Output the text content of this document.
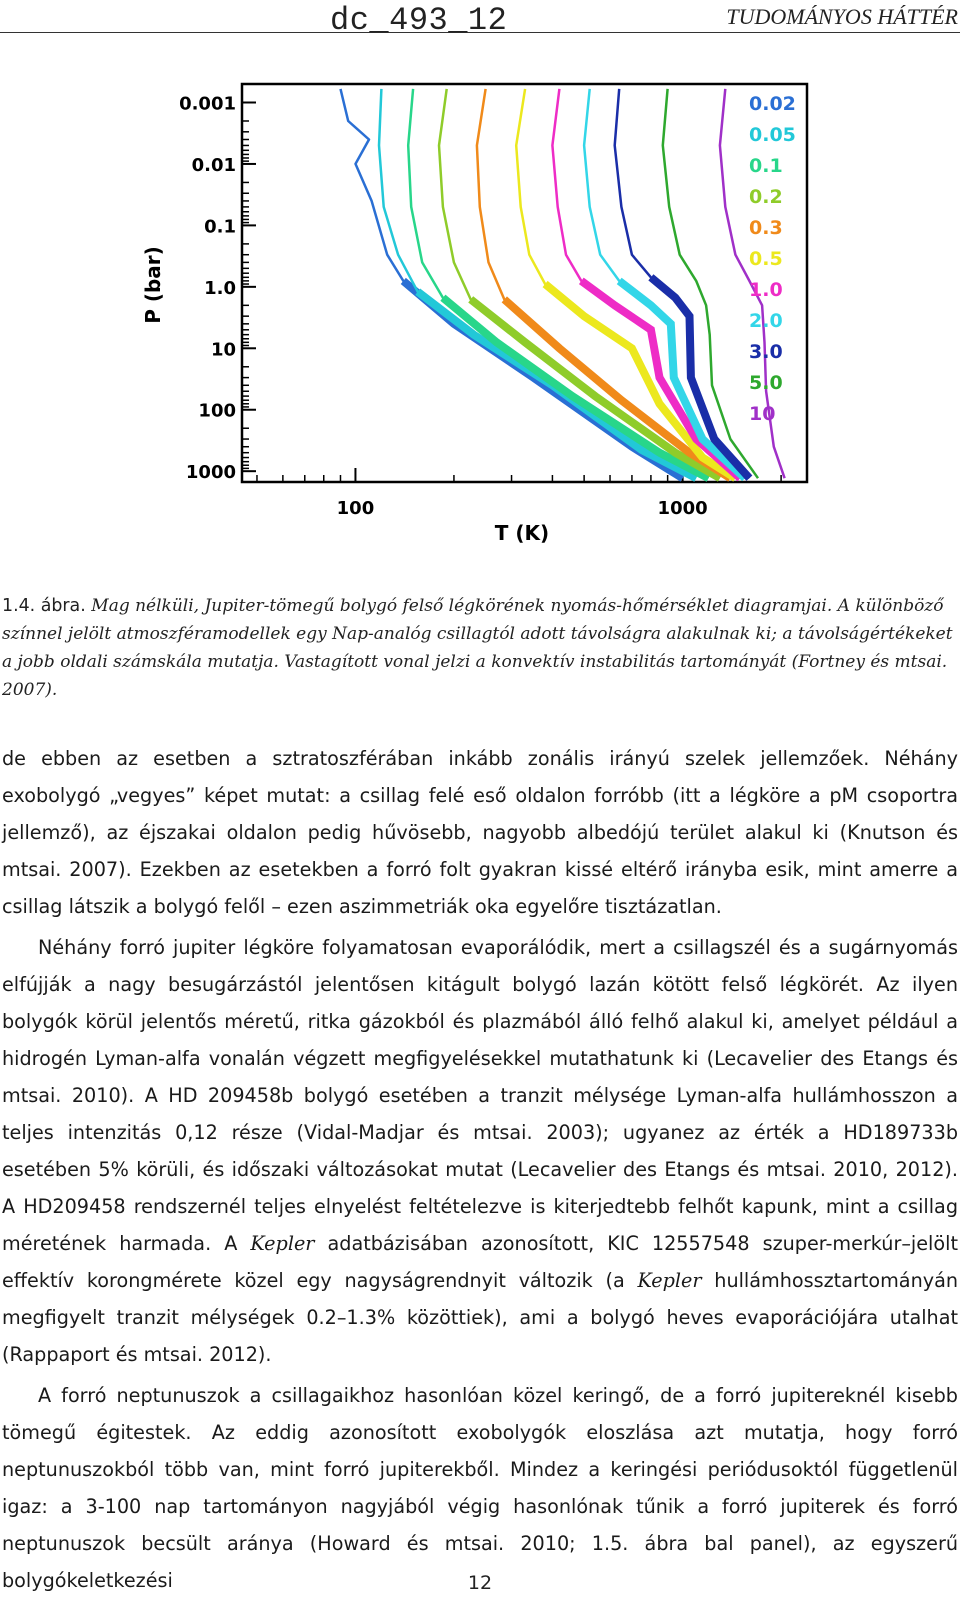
dc_493_12	TUDOMÁNYOS HÁTTÉR
0.001
0.01
0.1
1.0
10
100
1000
100	1000
0.02
0.05
0.1
0.2
0.3
0.5
1.0
2.0
3.0
5.0
10
T (K)
P (bar)
1.4. ábra. Mag nélküli, Jupiter-tömegű bolygó felső légkörének nyomás-hőmérséklet diagramjai. A különböző színnel jelölt atmoszféramodellek egy Nap-analóg csillagtól adott távolságra alakulnak ki; a távolságértékeket a jobb oldali számskála mutatja. Vastagított vonal jelzi a konvektív instabilitás tartományát (Fortney és mtsai. 2007).

de ebben az esetben a sztratoszférában inkább zonális irányú szelek jellemzőek. Néhány exobolygó „vegyes” képet mutat: a csillag felé eső oldalon forróbb (itt a légköre a pM csoportra jellemző), az éjszakai oldalon pedig hűvösebb, nagyobb albedójú terület alakul ki (Knutson és mtsai. 2007). Ezekben az esetekben a forró folt gyakran kissé eltérő irányba esik, mint amerre a csillag látszik a bolygó felől – ezen aszimmetriák oka egyelőre tisztázatlan.

Néhány forró jupiter légköre folyamatosan evaporálódik, mert a csillagszél és a sugárnyomás elfújják a nagy besugárzástól jelentősen kitágult bolygó lazán kötött felső légkörét. Az ilyen bolygók körül jelentős méretű, ritka gázokból és plazmából álló felhő alakul ki, amelyet például a hidrogén Lyman-alfa vonalán végzett megfigyelésekkel mutathatunk ki (Lecavelier des Etangs és mtsai. 2010). A HD 209458b bolygó esetében a tranzit mélysége Lyman-alfa hullámhosszon a teljes intenzitás 0,12 része (Vidal-Madjar és mtsai. 2003); ugyanez az érték a HD189733b esetében 5% körüli, és időszaki változásokat mutat (Lecavelier des Etangs és mtsai. 2010, 2012). A HD209458 rendszernél teljes elnyelést feltételezve is kiterjedtebb felhőt kapunk, mint a csillag méretének harmada. A Kepler adatbázisában azonosított, KIC 12557548 szuper-merkúr–jelölt effektív korongmérete közel egy nagyságrendnyit változik (a Kepler hullámhossztartományán megfigyelt tranzit mélységek 0.2–1.3% közöttiek), ami a bolygó heves evaporációjára utalhat (Rappaport és mtsai. 2012).

A forró neptunuszok a csillagaikhoz hasonlóan közel keringő, de a forró jupitereknél kisebb tömegű égitestek. Az eddig azonosított exobolygók eloszlása azt mutatja, hogy forró neptunuszokból több van, mint forró jupiterekből. Mindez a keringési periódusoktól függetlenül igaz: a 3-100 nap tartományon nagyjából végig hasonlónak tűnik a forró jupiterek és forró neptunuszok becsült aránya (Howard és mtsai. 2010; 1.5. ábra bal panel), az egyszerű bolygókeletkezési	12
